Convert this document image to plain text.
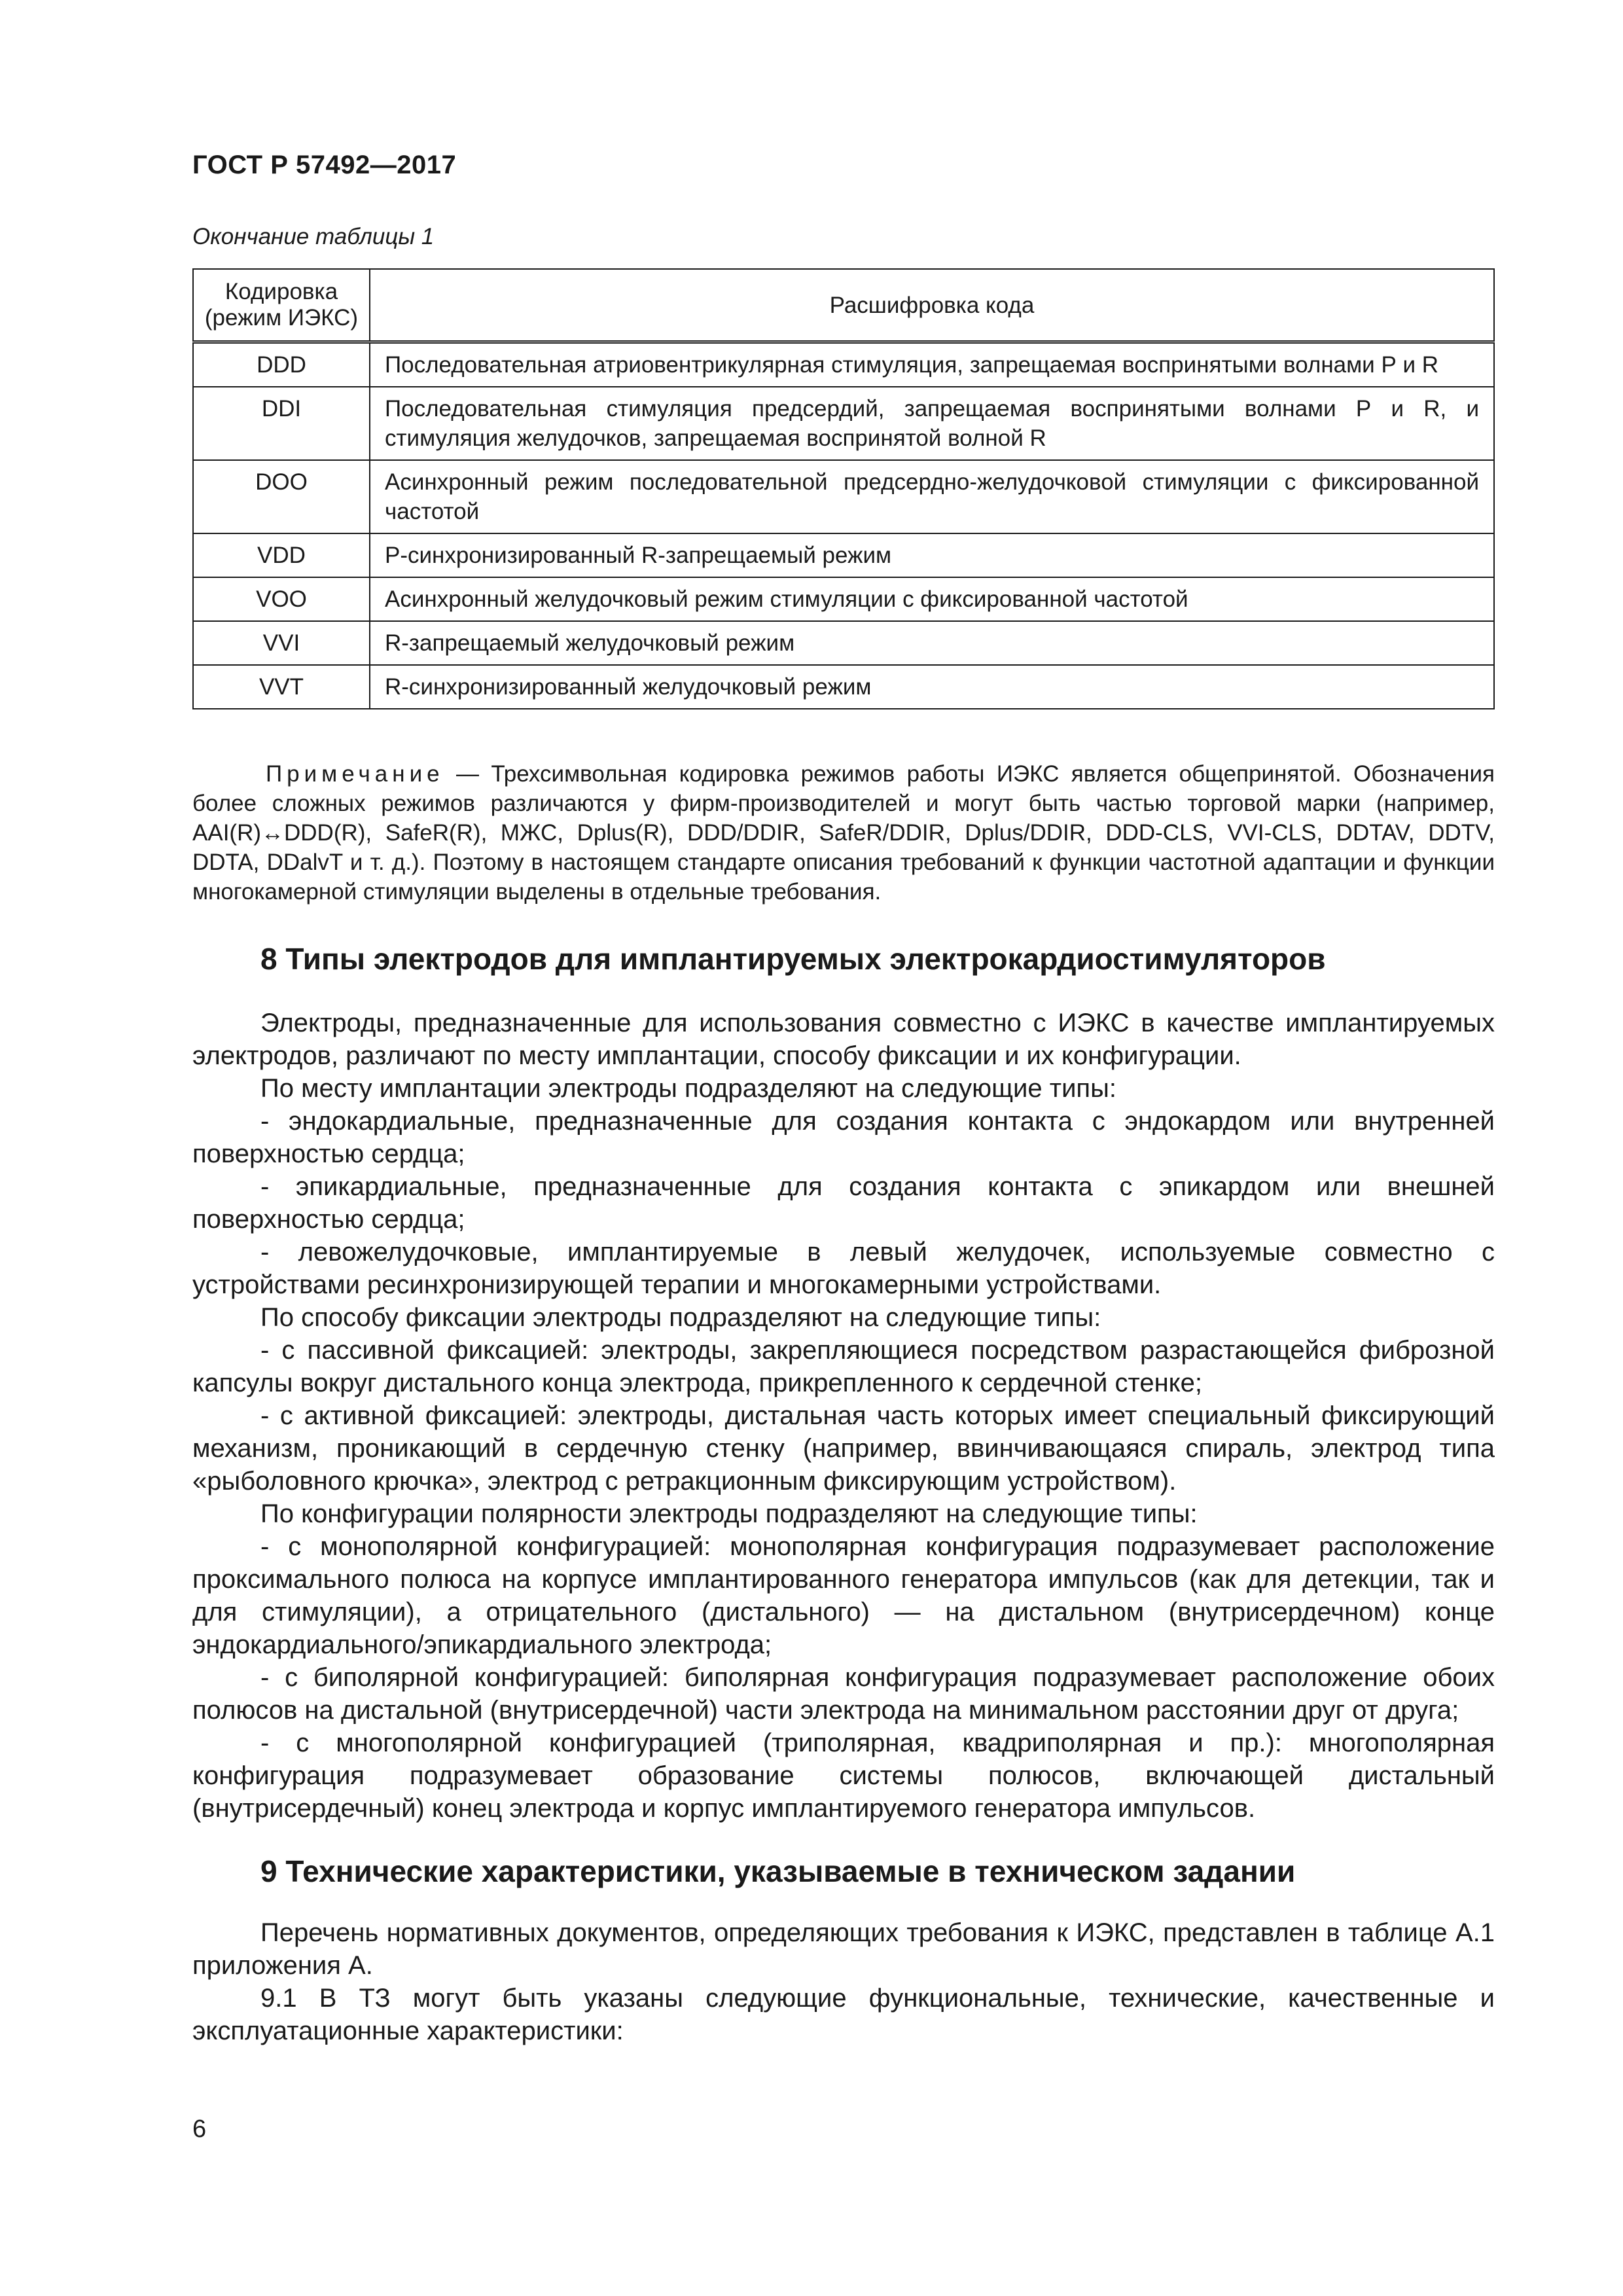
ГОСТ Р 57492—2017
Окончание таблицы 1
Кодировка (режим ИЭКС)	Расшифровка кода
DDD	Последовательная атриовентрикулярная стимуляция, запрещаемая воспринятыми волнами Р и R
DDI	Последовательная стимуляция предсердий, запрещаемая воспринятыми волнами Р и R, и стимуляция желудочков, запрещаемая воспринятой волной R
DOO	Асинхронный режим последовательной предсердно-желудочковой стимуляции с фиксированной частотой
VDD	Р-синхронизированный R-запрещаемый режим
VOO	Асинхронный желудочковый режим стимуляции с фиксированной частотой
VVI	R-запрещаемый желудочковый режим
VVT	R-синхронизированный желудочковый режим
Примечание — Трехсимвольная кодировка режимов работы ИЭКС является общепринятой. Обозначения более сложных режимов различаются у фирм-производителей и могут быть частью торговой марки (например, AAI(R)↔DDD(R), SafeR(R), МЖС, Dplus(R), DDD/DDIR, SafeR/DDIR, Dplus/DDIR, DDD-CLS, VVI-CLS, DDTAV, DDTV, DDTA, DDalvT и т. д.). Поэтому в настоящем стандарте описания требований к функции частотной адаптации и функции многокамерной стимуляции выделены в отдельные требования.
8 Типы электродов для имплантируемых электрокардиостимуляторов

Электроды, предназначенные для использования совместно с ИЭКС в качестве имплантируемых электродов, различают по месту имплантации, способу фиксации и их конфигурации.

По месту имплантации электроды подразделяют на следующие типы:

- эндокардиальные, предназначенные для создания контакта с эндокардом или внутренней поверхностью сердца;

- эпикардиальные, предназначенные для создания контакта с эпикардом или внешней поверхностью сердца;

- левожелудочковые, имплантируемые в левый желудочек, используемые совместно с устройствами ресинхронизирующей терапии и многокамерными устройствами.

По способу фиксации электроды подразделяют на следующие типы:

- с пассивной фиксацией: электроды, закрепляющиеся посредством разрастающейся фиброзной капсулы вокруг дистального конца электрода, прикрепленного к сердечной стенке;

- с активной фиксацией: электроды, дистальная часть которых имеет специальный фиксирующий механизм, проникающий в сердечную стенку (например, ввинчивающаяся спираль, электрод типа «рыболовного крючка», электрод с ретракционным фиксирующим устройством).

По конфигурации полярности электроды подразделяют на следующие типы:

- с монополярной конфигурацией: монополярная конфигурация подразумевает расположение проксимального полюса на корпусе имплантированного генератора импульсов (как для детекции, так и для стимуляции), а отрицательного (дистального) — на дистальном (внутрисердечном) конце эндокардиального/эпикардиального электрода;

- с биполярной конфигурацией: биполярная конфигурация подразумевает расположение обоих полюсов на дистальной (внутрисердечной) части электрода на минимальном расстоянии друг от друга;

- с многополярной конфигурацией (триполярная, квадриполярная и пр.): многополярная конфигурация подразумевает образование системы полюсов, включающей дистальный (внутрисердечный) конец электрода и корпус имплантируемого генератора импульсов.

9 Технические характеристики, указываемые в техническом задании

Перечень нормативных документов, определяющих требования к ИЭКС, представлен в таблице А.1 приложения А.

9.1 В ТЗ могут быть указаны следующие функциональные, технические, качественные и эксплуатационные характеристики:

6
